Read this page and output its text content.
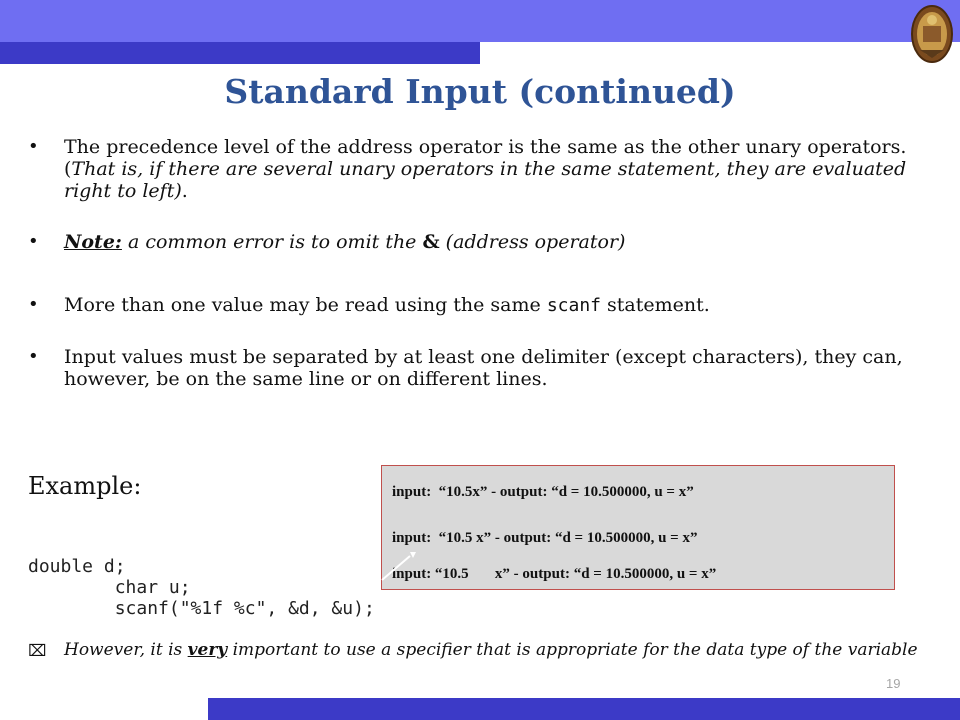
Standard Input (continued)
• The precedence level of the address operator is the same as the other unary operators. (That is, if there are several unary operators in the same statement, they are evaluated right to left).
• Note: a common error is to omit the & (address operator)
• More than one value may be read using the same scanf statement.
• Input values must be separated by at least one delimiter (except characters), they can, however, be on the same line or on different lines.
Example:
double d;
char u;
scanf("%1f %c", &d, &u);
input:  “10.5x” - output: “d = 10.500000, u = x”
input:  “10.5 x” - output: “d = 10.500000, u = x”
input: “10.5       x” - output: “d = 10.500000, u = x”
⌧ However, it is very important to use a specifier that is appropriate for the data type of the variable
19
